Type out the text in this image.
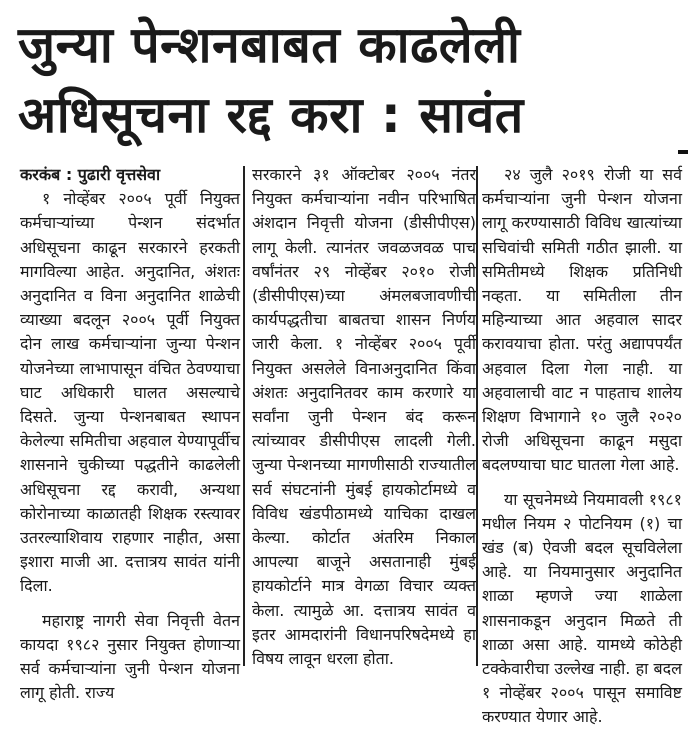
जुन्या पेन्शनबाबत काढलेली
अधिसूचना रद्द करा : सावंत
करकंब : पुढारी वृत्तसेवा

१ नोव्हेंबर २००५ पूर्वी नियुक्त कर्मचाऱ्यांच्या पेन्शन संदर्भात अधिसूचना काढून सरकारने हरकती मागविल्या आहेत. अनुदानित, अंशतः अनुदानित व विना अनुदानित शाळेची व्याख्या बदलून २००५ पूर्वी नियुक्त दोन लाख कर्मचाऱ्यांना जुन्या पेन्शन योजनेच्या लाभापासून वंचित ठेवण्याचा घाट अधिकारी घालत असल्याचे दिसते. जुन्या पेन्शनबाबत स्थापन केलेल्या समितीचा अहवाल येण्यापूर्वीच शासनाने चुकीच्या पद्धतीने काढलेली अधिसूचना रद्द करावी, अन्यथा कोरोनाच्या काळातही शिक्षक रस्त्यावर उतरल्याशिवाय राहणार नाहीत, असा इशारा माजी आ. दत्तात्रय सावंत यांनी दिला.

महाराष्ट्र नागरी सेवा निवृत्ती वेतन कायदा १९८२ नुसार नियुक्त होणाऱ्या सर्व कर्मचाऱ्यांना जुनी पेन्शन योजना लागू होती. राज्य

सरकारने ३१ ऑक्टोबर २००५ नंतर नियुक्त कर्मचाऱ्यांना नवीन परिभाषित अंशदान निवृत्ती योजना (डीसीपीएस) लागू केली. त्यानंतर जवळजवळ पाच वर्षांनंतर २९ नोव्हेंबर २०१० रोजी (डीसीपीएस)च्या अंमलबजावणीची कार्यपद्धतीचा बाबतचा शासन निर्णय जारी केला. १ नोव्हेंबर २००५ पूर्वी नियुक्त असलेले विनाअनुदानित किंवा अंशतः अनुदानितवर काम करणारे या सर्वांना जुनी पेन्शन बंद करून त्यांच्यावर डीसीपीएस लादली गेली. जुन्या पेन्शनच्या मागणीसाठी राज्यातील सर्व संघटनांनी मुंबई हायकोर्टामध्ये व विविध खंडपीठामध्ये याचिका दाखल केल्या. कोर्टात अंतरिम निकाल आपल्या बाजूने असतानाही मुंबई हायकोर्टाने मात्र वेगळा विचार व्यक्त केला. त्यामुळे आ. दत्तात्रय सावंत व इतर आमदारांनी विधानपरिषदेमध्ये हा विषय लावून धरला होता.

२४ जुलै २०१९ रोजी या सर्व कर्मचाऱ्यांना जुनी पेन्शन योजना लागू करण्यासाठी विविध खात्यांच्या सचिवांची समिती गठीत झाली. या समितीमध्ये शिक्षक प्रतिनिधी नव्हता. या समितीला तीन महिन्याच्या आत अहवाल सादर करावयाचा होता. परंतु अद्यापपर्यंत अहवाल दिला गेला नाही. या अहवालाची वाट न पाहताच शालेय शिक्षण विभागाने १० जुलै २०२० रोजी अधिसूचना काढून मसुदा बदलण्याचा घाट घातला गेला आहे.

या सूचनेमध्ये नियमावली १९८१ मधील नियम २ पोटनियम (१) चा खंड (ब) ऐवजी बदल सूचविलेला आहे. या नियमानुसार अनुदानित शाळा म्हणजे ज्या शाळेला शासनाकडून अनुदान मिळते ती शाळा असा आहे. यामध्ये कोठेही टक्केवारीचा उल्लेख नाही. हा बदल १ नोव्हेंबर २००५ पासून समाविष्ट करण्यात येणार आहे.
